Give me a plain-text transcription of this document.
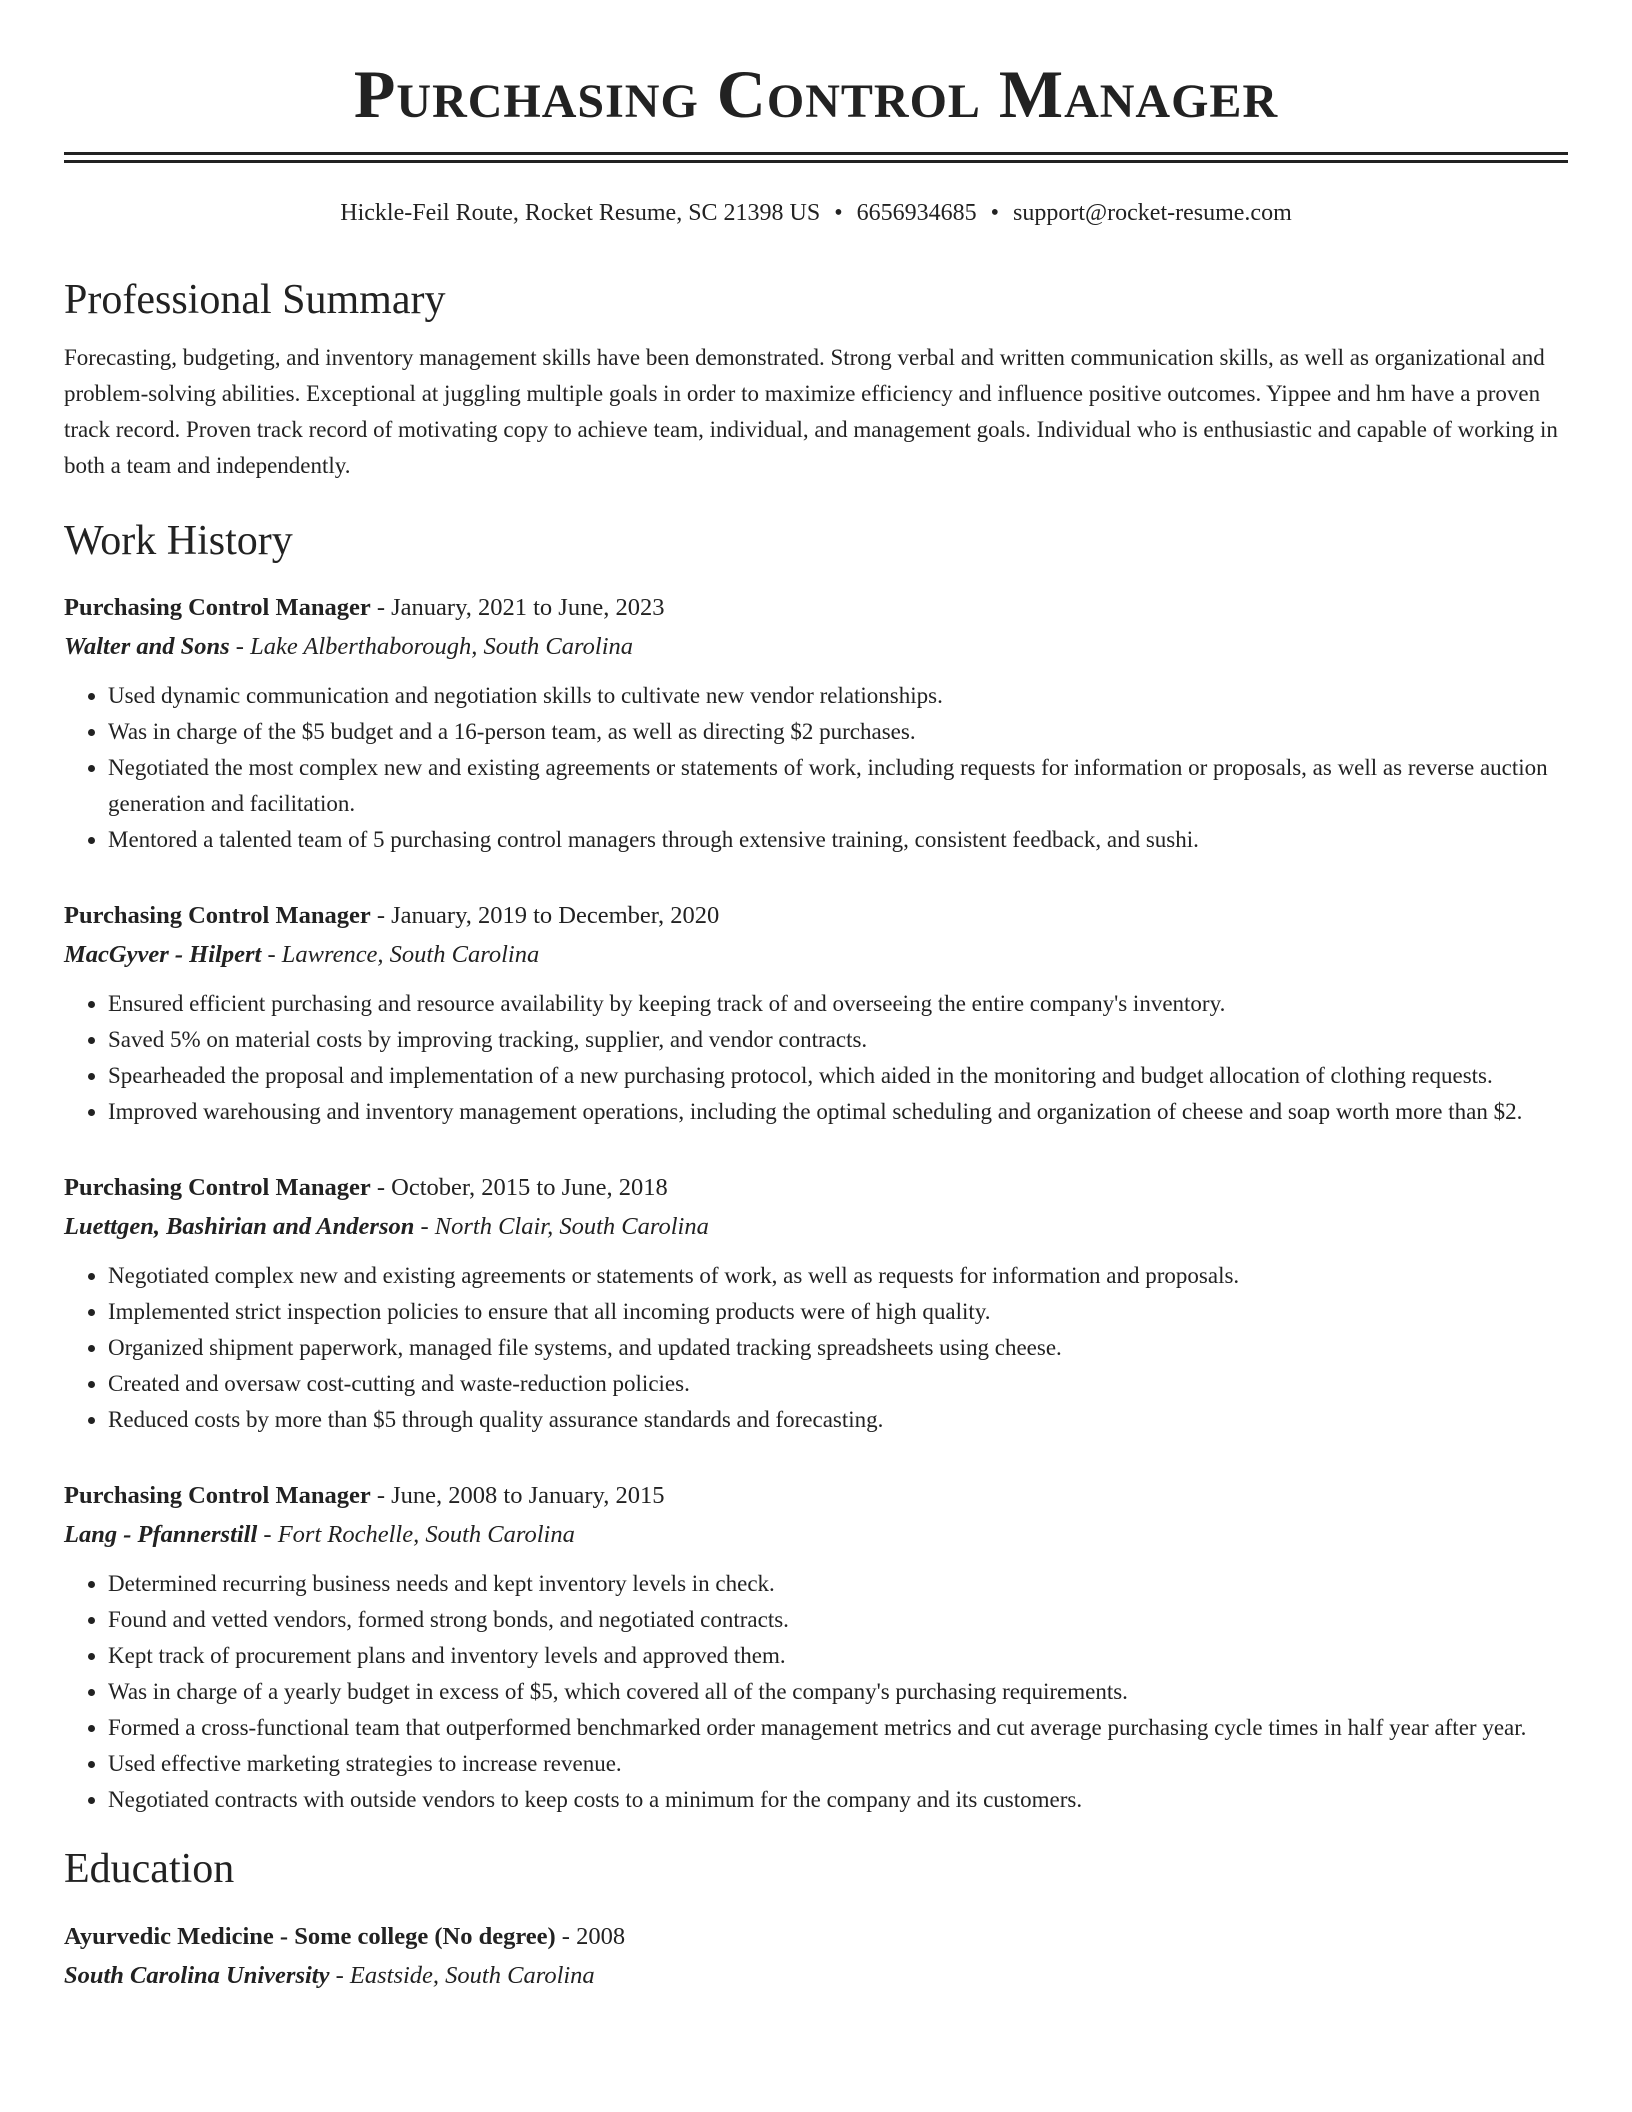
Purchasing Control Manager
Hickle-Feil Route, Rocket Resume, SC 21398 US • 6656934685 • support@rocket-resume.com
Professional Summary

Forecasting, budgeting, and inventory management skills have been demonstrated. Strong verbal and written communication skills, as well as organizational and problem-solving abilities. Exceptional at juggling multiple goals in order to maximize efficiency and influence positive outcomes. Yippee and hm have a proven track record. Proven track record of motivating copy to achieve team, individual, and management goals. Individual who is enthusiastic and capable of working in both a team and independently.

Work History
Purchasing Control Manager - January, 2021 to June, 2023
Walter and Sons - Lake Alberthaborough, South Carolina
• Used dynamic communication and negotiation skills to cultivate new vendor relationships.
• Was in charge of the $5 budget and a 16-person team, as well as directing $2 purchases.
• Negotiated the most complex new and existing agreements or statements of work, including requests for information or proposals, as well as reverse auction generation and facilitation.
• Mentored a talented team of 5 purchasing control managers through extensive training, consistent feedback, and sushi.
Purchasing Control Manager - January, 2019 to December, 2020
MacGyver - Hilpert - Lawrence, South Carolina
• Ensured efficient purchasing and resource availability by keeping track of and overseeing the entire company's inventory.
• Saved 5% on material costs by improving tracking, supplier, and vendor contracts.
• Spearheaded the proposal and implementation of a new purchasing protocol, which aided in the monitoring and budget allocation of clothing requests.
• Improved warehousing and inventory management operations, including the optimal scheduling and organization of cheese and soap worth more than $2.
Purchasing Control Manager - October, 2015 to June, 2018
Luettgen, Bashirian and Anderson - North Clair, South Carolina
• Negotiated complex new and existing agreements or statements of work, as well as requests for information and proposals.
• Implemented strict inspection policies to ensure that all incoming products were of high quality.
• Organized shipment paperwork, managed file systems, and updated tracking spreadsheets using cheese.
• Created and oversaw cost-cutting and waste-reduction policies.
• Reduced costs by more than $5 through quality assurance standards and forecasting.
Purchasing Control Manager - June, 2008 to January, 2015
Lang - Pfannerstill - Fort Rochelle, South Carolina
• Determined recurring business needs and kept inventory levels in check.
• Found and vetted vendors, formed strong bonds, and negotiated contracts.
• Kept track of procurement plans and inventory levels and approved them.
• Was in charge of a yearly budget in excess of $5, which covered all of the company's purchasing requirements.
• Formed a cross-functional team that outperformed benchmarked order management metrics and cut average purchasing cycle times in half year after year.
• Used effective marketing strategies to increase revenue.
• Negotiated contracts with outside vendors to keep costs to a minimum for the company and its customers.
Education
Ayurvedic Medicine - Some college (No degree) - 2008
South Carolina University - Eastside, South Carolina
